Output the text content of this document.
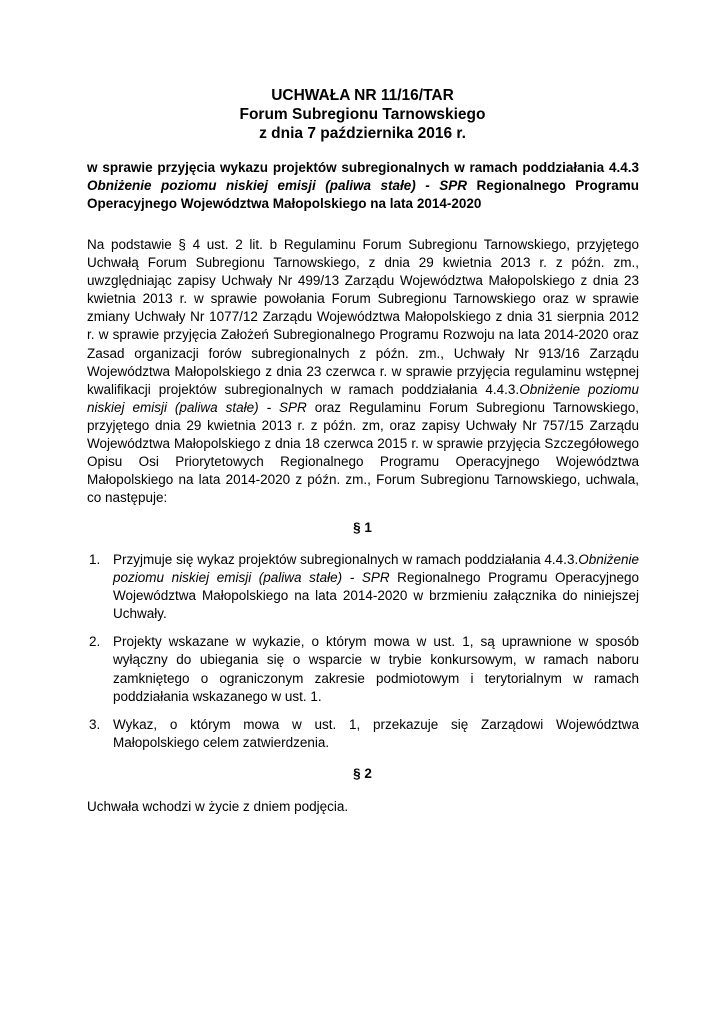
UCHWAŁA NR 11/16/TAR
Forum Subregionu Tarnowskiego
z dnia 7 października 2016 r.
w sprawie przyjęcia wykazu projektów subregionalnych w ramach poddziałania 4.4.3 Obniżenie poziomu niskiej emisji (paliwa stałe) - SPR Regionalnego Programu Operacyjnego Województwa Małopolskiego na lata 2014-2020
Na podstawie § 4 ust. 2 lit. b Regulaminu Forum Subregionu Tarnowskiego, przyjętego Uchwałą Forum Subregionu Tarnowskiego, z dnia 29 kwietnia 2013 r. z późn. zm., uwzględniając zapisy Uchwały Nr 499/13 Zarządu Województwa Małopolskiego z dnia 23 kwietnia 2013 r. w sprawie powołania Forum Subregionu Tarnowskiego oraz w sprawie zmiany Uchwały Nr 1077/12 Zarządu Województwa Małopolskiego z dnia 31 sierpnia 2012 r. w sprawie przyjęcia Założeń Subregionalnego Programu Rozwoju na lata 2014-2020 oraz Zasad organizacji forów subregionalnych z późn. zm., Uchwały Nr 913/16 Zarządu Województwa Małopolskiego z dnia 23 czerwca r. w sprawie przyjęcia regulaminu wstępnej kwalifikacji projektów subregionalnych w ramach poddziałania 4.4.3.Obniżenie poziomu niskiej emisji (paliwa stałe) - SPR oraz Regulaminu Forum Subregionu Tarnowskiego, przyjętego dnia 29 kwietnia 2013 r. z późn. zm, oraz zapisy Uchwały Nr 757/15 Zarządu Województwa Małopolskiego z dnia 18 czerwca 2015 r. w sprawie przyjęcia Szczegółowego Opisu Osi Priorytetowych Regionalnego Programu Operacyjnego Województwa Małopolskiego na lata 2014-2020 z późn. zm., Forum Subregionu Tarnowskiego, uchwala, co następuje:
§ 1
1. Przyjmuje się wykaz projektów subregionalnych w ramach poddziałania 4.4.3.Obniżenie poziomu niskiej emisji (paliwa stałe) - SPR Regionalnego Programu Operacyjnego Województwa Małopolskiego na lata 2014-2020 w brzmieniu załącznika do niniejszej Uchwały.
2. Projekty wskazane w wykazie, o którym mowa w ust. 1, są uprawnione w sposób wyłączny do ubiegania się o wsparcie w trybie konkursowym, w ramach naboru zamkniętego o ograniczonym zakresie podmiotowym i terytorialnym w ramach poddziałania wskazanego w ust. 1.
3. Wykaz, o którym mowa w ust. 1, przekazuje się Zarządowi Województwa Małopolskiego celem zatwierdzenia.
§ 2
Uchwała wchodzi w życie z dniem podjęcia.
